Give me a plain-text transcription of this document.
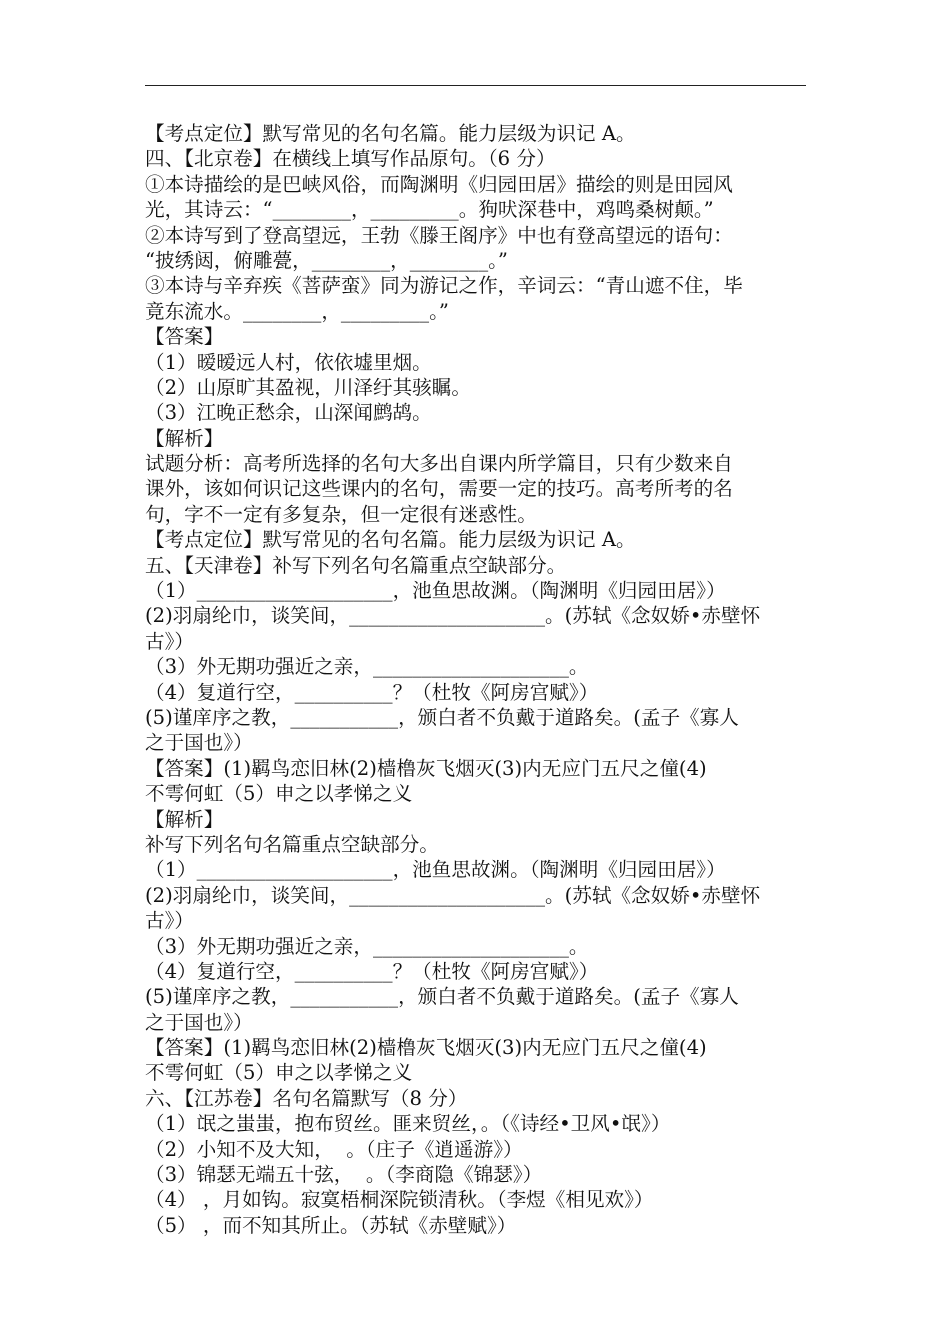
【考点定位】默写常见的名句名篇。能力层级为识记 A。
四、【北京卷】在横线上填写作品原句。（6 分）
①本诗描绘的是巴峡风俗，而陶渊明《归园田居》描绘的则是田园风
光，其诗云：“________，_________。狗吠深巷中，鸡鸣桑树颠。”
②本诗写到了登高望远，王勃《滕王阁序》中也有登高望远的语句：
“披绣闼，俯雕甍，________，________。”
③本诗与辛弃疾《菩萨蛮》同为游记之作，辛词云：“青山遮不住，毕
竟东流水。________，_________。”
【答案】
（1）暧暧远人村，依依墟里烟。
（2）山原旷其盈视，川泽纡其骇瞩。
（3）江晚正愁余，山深闻鹧鸪。
【解析】
试题分析：高考所选择的名句大多出自课内所学篇目，只有少数来自
课外，该如何识记这些课内的名句，需要一定的技巧。高考所考的名
句，字不一定有多复杂，但一定很有迷惑性。
【考点定位】默写常见的名句名篇。能力层级为识记 A。
五、【天津卷】补写下列名句名篇重点空缺部分。
（1）____________________，池鱼思故渊。（陶渊明《归园田居》）
(2)羽扇纶巾，谈笑间，____________________。(苏轼《念奴娇•赤壁怀
古》）
（3）外无期功强近之亲，____________________。
（4）复道行空，__________？（杜牧《阿房宫赋》）
(5)谨庠序之教，___________，颁白者不负戴于道路矣。(孟子《寡人
之于国也》）
【答案】(1)羁鸟恋旧林(2)樯橹灰飞烟灭(3)内无应门五尺之僮(4)
不雩何虹（5）申之以孝悌之义
【解析】
补写下列名句名篇重点空缺部分。
（1）____________________，池鱼思故渊。（陶渊明《归园田居》）
(2)羽扇纶巾，谈笑间，____________________。(苏轼《念奴娇•赤壁怀
古》）
（3）外无期功强近之亲，____________________。
（4）复道行空，__________？（杜牧《阿房宫赋》）
(5)谨庠序之教，___________，颁白者不负戴于道路矣。(孟子《寡人
之于国也》）
【答案】(1)羁鸟恋旧林(2)樯橹灰飞烟灭(3)内无应门五尺之僮(4)
不雩何虹（5）申之以孝悌之义
六、【江苏卷】名句名篇默写（8 分）
（1）氓之蚩蚩，抱布贸丝。匪来贸丝，。（《诗经•卫风•氓》）
（2）小知不及大知，  。（庄子《逍遥游》）
（3）锦瑟无端五十弦，  。（李商隐《锦瑟》）
（4） ，月如钩。寂寞梧桐深院锁清秋。（李煜《相见欢》）
（5） ，而不知其所止。（苏轼《赤壁赋》）
